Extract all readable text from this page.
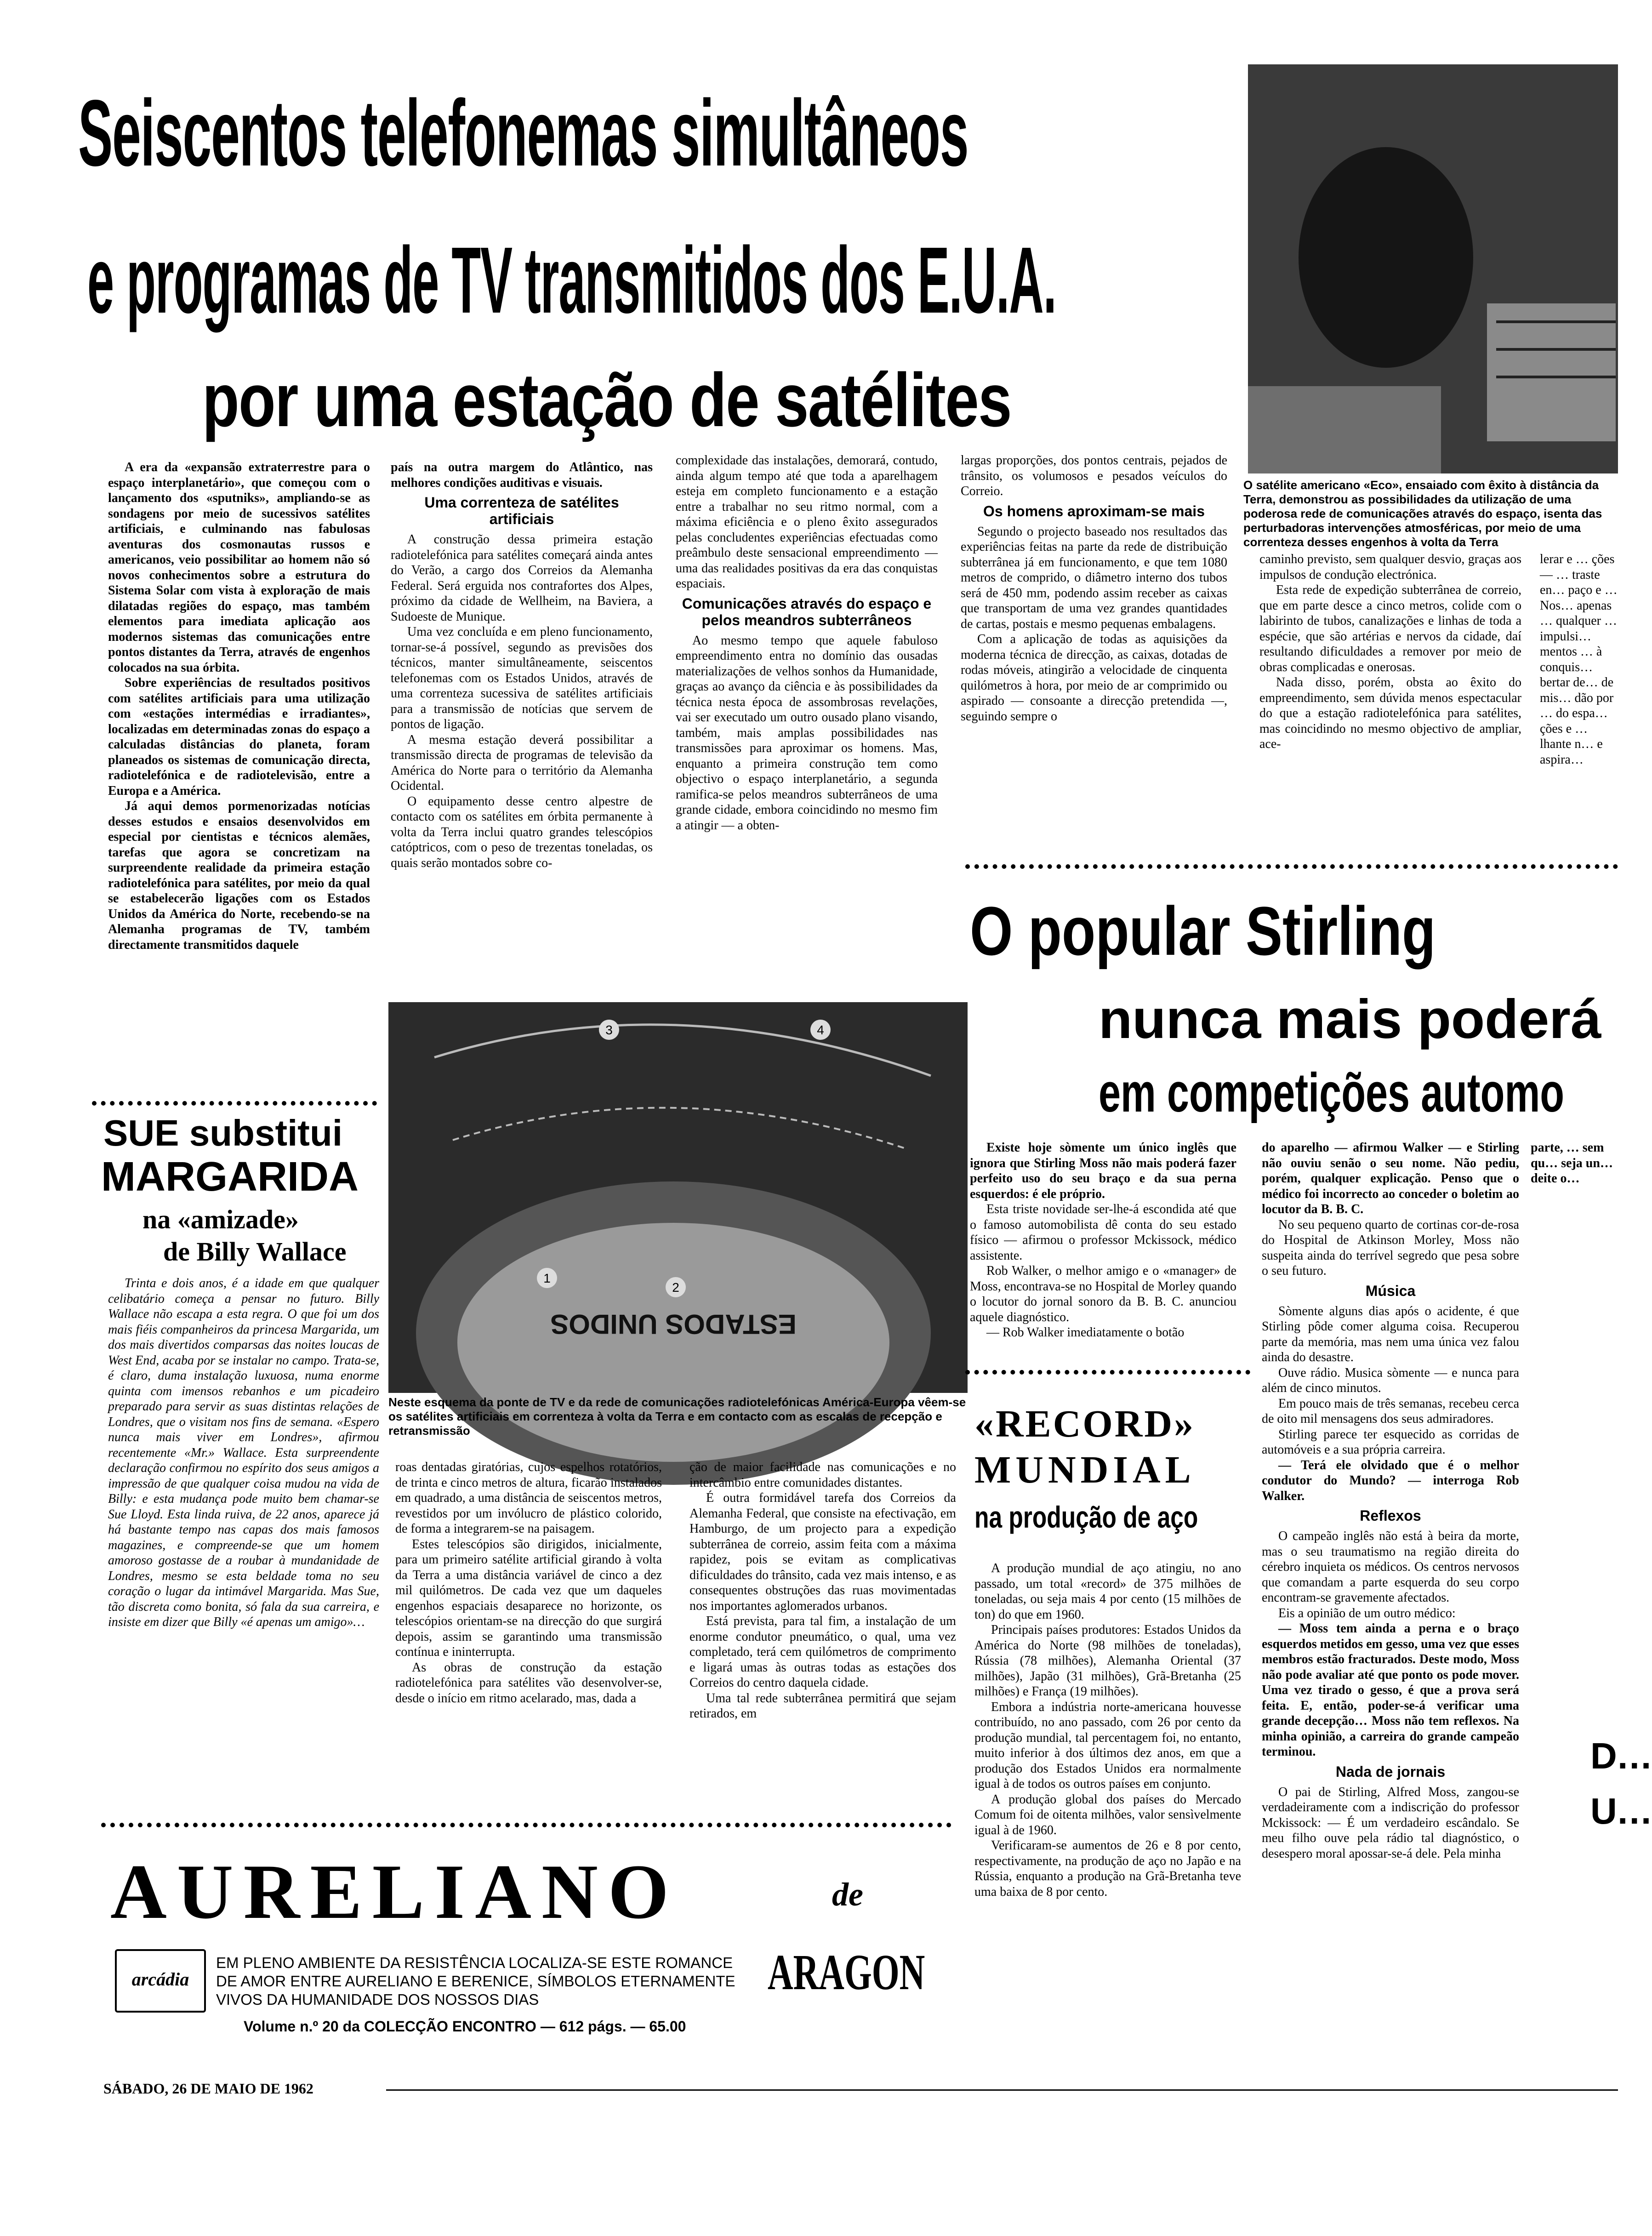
Seiscentos telefonemas simultâneos
e programas de TV transmitidos dos E.U.A.
por uma estação de satélites
O satélite americano «Eco», ensaiado com êxito à distância da Terra, demonstrou as possibilidades da utilização de uma poderosa rede de comunicações através do espaço, isenta das perturbadoras intervenções atmosféricas, por meio de uma correnteza desses engenhos à volta da Terra

A era da «expansão extraterrestre para o espaço interplanetário», que começou com o lançamento dos «sputniks», ampliando-se as sondagens por meio de sucessivos satélites artificiais, e culminando nas fabulosas aventuras dos cosmonautas russos e americanos, veio possibilitar ao homem não só novos conhecimentos sobre a estrutura do Sistema Solar com vista à exploração de mais dilatadas regiões do espaço, mas também elementos para imediata aplicação aos modernos sistemas das comunicações entre pontos distantes da Terra, através de engenhos colocados na sua órbita.

Sobre experiências de resultados positivos com satélites artificiais para uma utilização com «estações intermédias e irradiantes», localizadas em determinadas zonas do espaço a calculadas distâncias do planeta, foram planeados os sistemas de comunicação directa, radiotelefónica e de radiotelevisão, entre a Europa e a América.

Já aqui demos pormenorizadas notícias desses estudos e ensaios desenvolvidos em especial por cientistas e técnicos alemães, tarefas que agora se concretizam na surpreendente realidade da primeira estação radiotelefónica para satélites, por meio da qual se estabelecerão ligações com os Estados Unidos da América do Norte, recebendo-se na Alemanha programas de TV, também directamente transmitidos daquele

país na outra margem do Atlântico, nas melhores condições auditivas e visuais.

Uma correnteza de satélites artificiais

A construção dessa primeira estação radiotelefónica para satélites começará ainda antes do Verão, a cargo dos Correios da Alemanha Federal. Será erguida nos contrafortes dos Alpes, próximo da cidade de Wellheim, na Baviera, a Sudoeste de Munique.

Uma vez concluída e em pleno funcionamento, tornar-se-á possível, segundo as previsões dos técnicos, manter simultâneamente, seiscentos telefonemas com os Estados Unidos, através de uma correnteza sucessiva de satélites artificiais para a transmissão de notícias que servem de pontos de ligação.

A mesma estação deverá possibilitar a transmissão directa de programas de televisão da América do Norte para o território da Alemanha Ocidental.

O equipamento desse centro alpestre de contacto com os satélites em órbita permanente à volta da Terra inclui quatro grandes telescópios catóptricos, com o peso de trezentas toneladas, os quais serão montados sobre co-

complexidade das instalações, demorará, contudo, ainda algum tempo até que toda a aparelhagem esteja em completo funcionamento e a estação entre a trabalhar no seu ritmo normal, com a máxima eficiência e o pleno êxito assegurados pelas concludentes experiências efectuadas como preâmbulo deste sensacional empreendimento — uma das realidades positivas da era das conquistas espaciais.

Comunicações através do espaço e pelos meandros subterrâneos

Ao mesmo tempo que aquele fabuloso empreendimento entra no domínio das ousadas materializações de velhos sonhos da Humanidade, graças ao avanço da ciência e às possibilidades da técnica nesta época de assombrosas revelações, vai ser executado um outro ousado plano visando, também, mais amplas possibilidades nas transmissões para aproximar os homens. Mas, enquanto a primeira construção tem como objectivo o espaço interplanetário, a segunda ramifica-se pelos meandros subterrâneos de uma grande cidade, embora coincidindo no mesmo fim a atingir — a obten-

largas proporções, dos pontos centrais, pejados de trânsito, os volumosos e pesados veículos do Correio.

Os homens aproximam-se mais

Segundo o projecto baseado nos resultados das experiências feitas na parte da rede de distribuição subterrânea já em funcionamento, e que tem 1080 metros de comprido, o diâmetro interno dos tubos será de 450 mm, podendo assim receber as caixas que transportam de uma vez grandes quantidades de cartas, postais e mesmo pequenas embalagens.

Com a aplicação de todas as aquisições da moderna técnica de direcção, as caixas, dotadas de rodas móveis, atingirão a velocidade de cinquenta quilómetros à hora, por meio de ar comprimido ou aspirado — consoante a direcção pretendida —, seguindo sempre o

caminho previsto, sem qualquer desvio, graças aos impulsos de condução electrónica.

Esta rede de expedição subterrânea de correio, que em parte desce a cinco metros, colide com o labirinto de tubos, canalizações e linhas de toda a espécie, que são artérias e nervos da cidade, daí resultando dificuldades a remover por meio de obras complicadas e onerosas.

Nada disso, porém, obsta ao êxito do empreendimento, sem dúvida menos espectacular do que a estação radiotelefónica para satélites, mas coincidindo no mesmo objectivo de ampliar, ace-

lerar e … ções — … traste en… paço e … Nos… apenas … qualquer … impulsi… mentos … à conquis… bertar de… de mis… dão por … do espa… ções e … lhante n… e aspira…
3	4
1
2
ESTADOS UNIDOS
Neste esquema da ponte de TV e da rede de comunicações radiotelefónicas América-Europa vêem-se os satélites artificiais em correnteza à volta da Terra e em contacto com as escalas de recepção e retransmissão
SUE substitui
MARGARIDA
na «amizade»
de Billy Wallace

Trinta e dois anos, é a idade em que qualquer celibatário começa a pensar no futuro. Billy Wallace não escapa a esta regra. O que foi um dos mais fiéis companheiros da princesa Margarida, um dos mais divertidos comparsas das noites loucas de West End, acaba por se instalar no campo. Trata-se, é claro, duma instalação luxuosa, numa enorme quinta com imensos rebanhos e um picadeiro preparado para servir as suas distintas relações de Londres, que o visitam nos fins de semana. «Espero nunca mais viver em Londres», afirmou recentemente «Mr.» Wallace. Esta surpreendente declaração confirmou no espírito dos seus amigos a impressão de que qualquer coisa mudou na vida de Billy: e esta mudança pode muito bem chamar-se Sue Lloyd. Esta linda ruiva, de 22 anos, aparece já há bastante tempo nas capas dos mais famosos magazines, e compreende-se que um homem amoroso gostasse de a roubar à mundanidade de Londres, mesmo se esta beldade toma no seu coração o lugar da intimável Margarida. Mas Sue, tão discreta como bonita, só fala da sua carreira, e insiste em dizer que Billy «é apenas um amigo»…

roas dentadas giratórias, cujos espelhos rotatórios, de trinta e cinco metros de altura, ficarão instalados em quadrado, a uma distância de seiscentos metros, revestidos por um invólucro de plástico colorido, de forma a integrarem-se na paisagem.

Estes telescópios são dirigidos, inicialmente, para um primeiro satélite artificial girando à volta da Terra a uma distância variável de cinco a dez mil quilómetros. De cada vez que um daqueles engenhos espaciais desaparece no horizonte, os telescópios orientam-se na direcção do que surgirá depois, assim se garantindo uma transmissão contínua e ininterrupta.

As obras de construção da estação radiotelefónica para satélites vão desenvolver-se, desde o início em ritmo acelarado, mas, dada a

ção de maior facilidade nas comunicações e no intercâmbio entre comunidades distantes.

É outra formidável tarefa dos Correios da Alemanha Federal, que consiste na efectivação, em Hamburgo, de um projecto para a expedição subterrânea de correio, assim feita com a máxima rapidez, pois se evitam as complicativas dificuldades do trânsito, cada vez mais intenso, e as consequentes obstruções das ruas movimentadas nos importantes aglomerados urbanos.

Está prevista, para tal fim, a instalação de um enorme condutor pneumático, o qual, uma vez completado, terá cem quilómetros de comprimento e ligará umas às outras todas as estações dos Correios do centro daquela cidade.

Uma tal rede subterrânea permitirá que sejam retirados, em

O popular Stirling
nunca mais poderá
em competições automo

Existe hoje sòmente um único inglês que ignora que Stirling Moss não mais poderá fazer perfeito uso do seu braço e da sua perna esquerdos: é ele próprio.

Esta triste novidade ser-lhe-á escondida até que o famoso automobilista dê conta do seu estado físico — afirmou o professor Mckissock, médico assistente.

Rob Walker, o melhor amigo e o «manager» de Moss, encontrava-se no Hospital de Morley quando o locutor do jornal sonoro da B. B. C. anunciou aquele diagnóstico.

— Rob Walker imediatamente o botão

do aparelho — afirmou Walker — e Stirling não ouviu senão o seu nome. Não pediu, porém, qualquer explicação. Penso que o médico foi incorrecto ao conceder o boletim ao locutor da B. B. C.

No seu pequeno quarto de cortinas cor-de-rosa do Hospital de Atkinson Morley, Moss não suspeita ainda do terrível segredo que pesa sobre o seu futuro.

Música

Sòmente alguns dias após o acidente, é que Stirling pôde comer alguma coisa. Recuperou parte da memória, mas nem uma única vez falou ainda do desastre.

Ouve rádio. Musica sòmente — e nunca para além de cinco minutos.

Em pouco mais de três semanas, recebeu cerca de oito mil mensagens dos seus admiradores.

Stirling parece ter esquecido as corridas de automóveis e a sua própria carreira.

— Terá ele olvidado que é o melhor condutor do Mundo? — interroga Rob Walker.

Reflexos

O campeão inglês não está à beira da morte, mas o seu traumatismo na região direita do cérebro inquieta os médicos. Os centros nervosos que comandam a parte esquerda do seu corpo encontram-se gravemente afectados.

Eis a opinião de um outro médico:

— Moss tem ainda a perna e o braço esquerdos metidos em gesso, uma vez que esses membros estão fracturados. Deste modo, Moss não pode avaliar até que ponto os pode mover. Uma vez tirado o gesso, é que a prova será feita. E, então, poder-se-á verificar uma grande decepção… Moss não tem reflexos. Na minha opinião, a carreira do grande campeão terminou.

Nada de jornais

O pai de Stirling, Alfred Moss, zangou-se verdadeiramente com a indiscrição do professor Mckissock: — É um verdadeiro escândalo. Se meu filho ouve pela rádio tal diagnóstico, o desespero moral apossar-se-á dele. Pela minha

parte, … sem qu… seja un… deite o…
D… U…
«RECORD»
MUNDIAL
na produção de aço

A produção mundial de aço atingiu, no ano passado, um total «record» de 375 milhões de toneladas, ou seja mais 4 por cento (15 milhões de ton) do que em 1960.

Principais países produtores: Estados Unidos da América do Norte (98 milhões de toneladas), Rússia (78 milhões), Alemanha Oriental (37 milhões), Japão (31 milhões), Grã-Bretanha (25 milhões) e França (19 milhões).

Embora a indústria norte-americana houvesse contribuído, no ano passado, com 26 por cento da produção mundial, tal percentagem foi, no entanto, muito inferior à dos últimos dez anos, em que a produção dos Estados Unidos era normalmente igual à de todos os outros países em conjunto.

A produção global dos países do Mercado Comum foi de oitenta milhões, valor sensìvelmente igual à de 1960.

Verificaram-se aumentos de 26 e 8 por cento, respectivamente, na produção de aço no Japão e na Rússia, enquanto a produção na Grã-Bretanha teve uma baixa de 8 por cento.

AURELIANO	de
ARAGON
arcádia
EM PLENO AMBIENTE DA RESISTÊNCIA LOCALIZA-SE ESTE ROMANCE DE AMOR ENTRE AURELIANO E BERENICE, SÍMBOLOS ETERNAMENTE VIVOS DA HUMANIDADE DOS NOSSOS DIAS
Volume n.º 20 da COLECÇÃO ENCONTRO — 612 págs. — 65.00
SÁBADO, 26 DE MAIO DE 1962
